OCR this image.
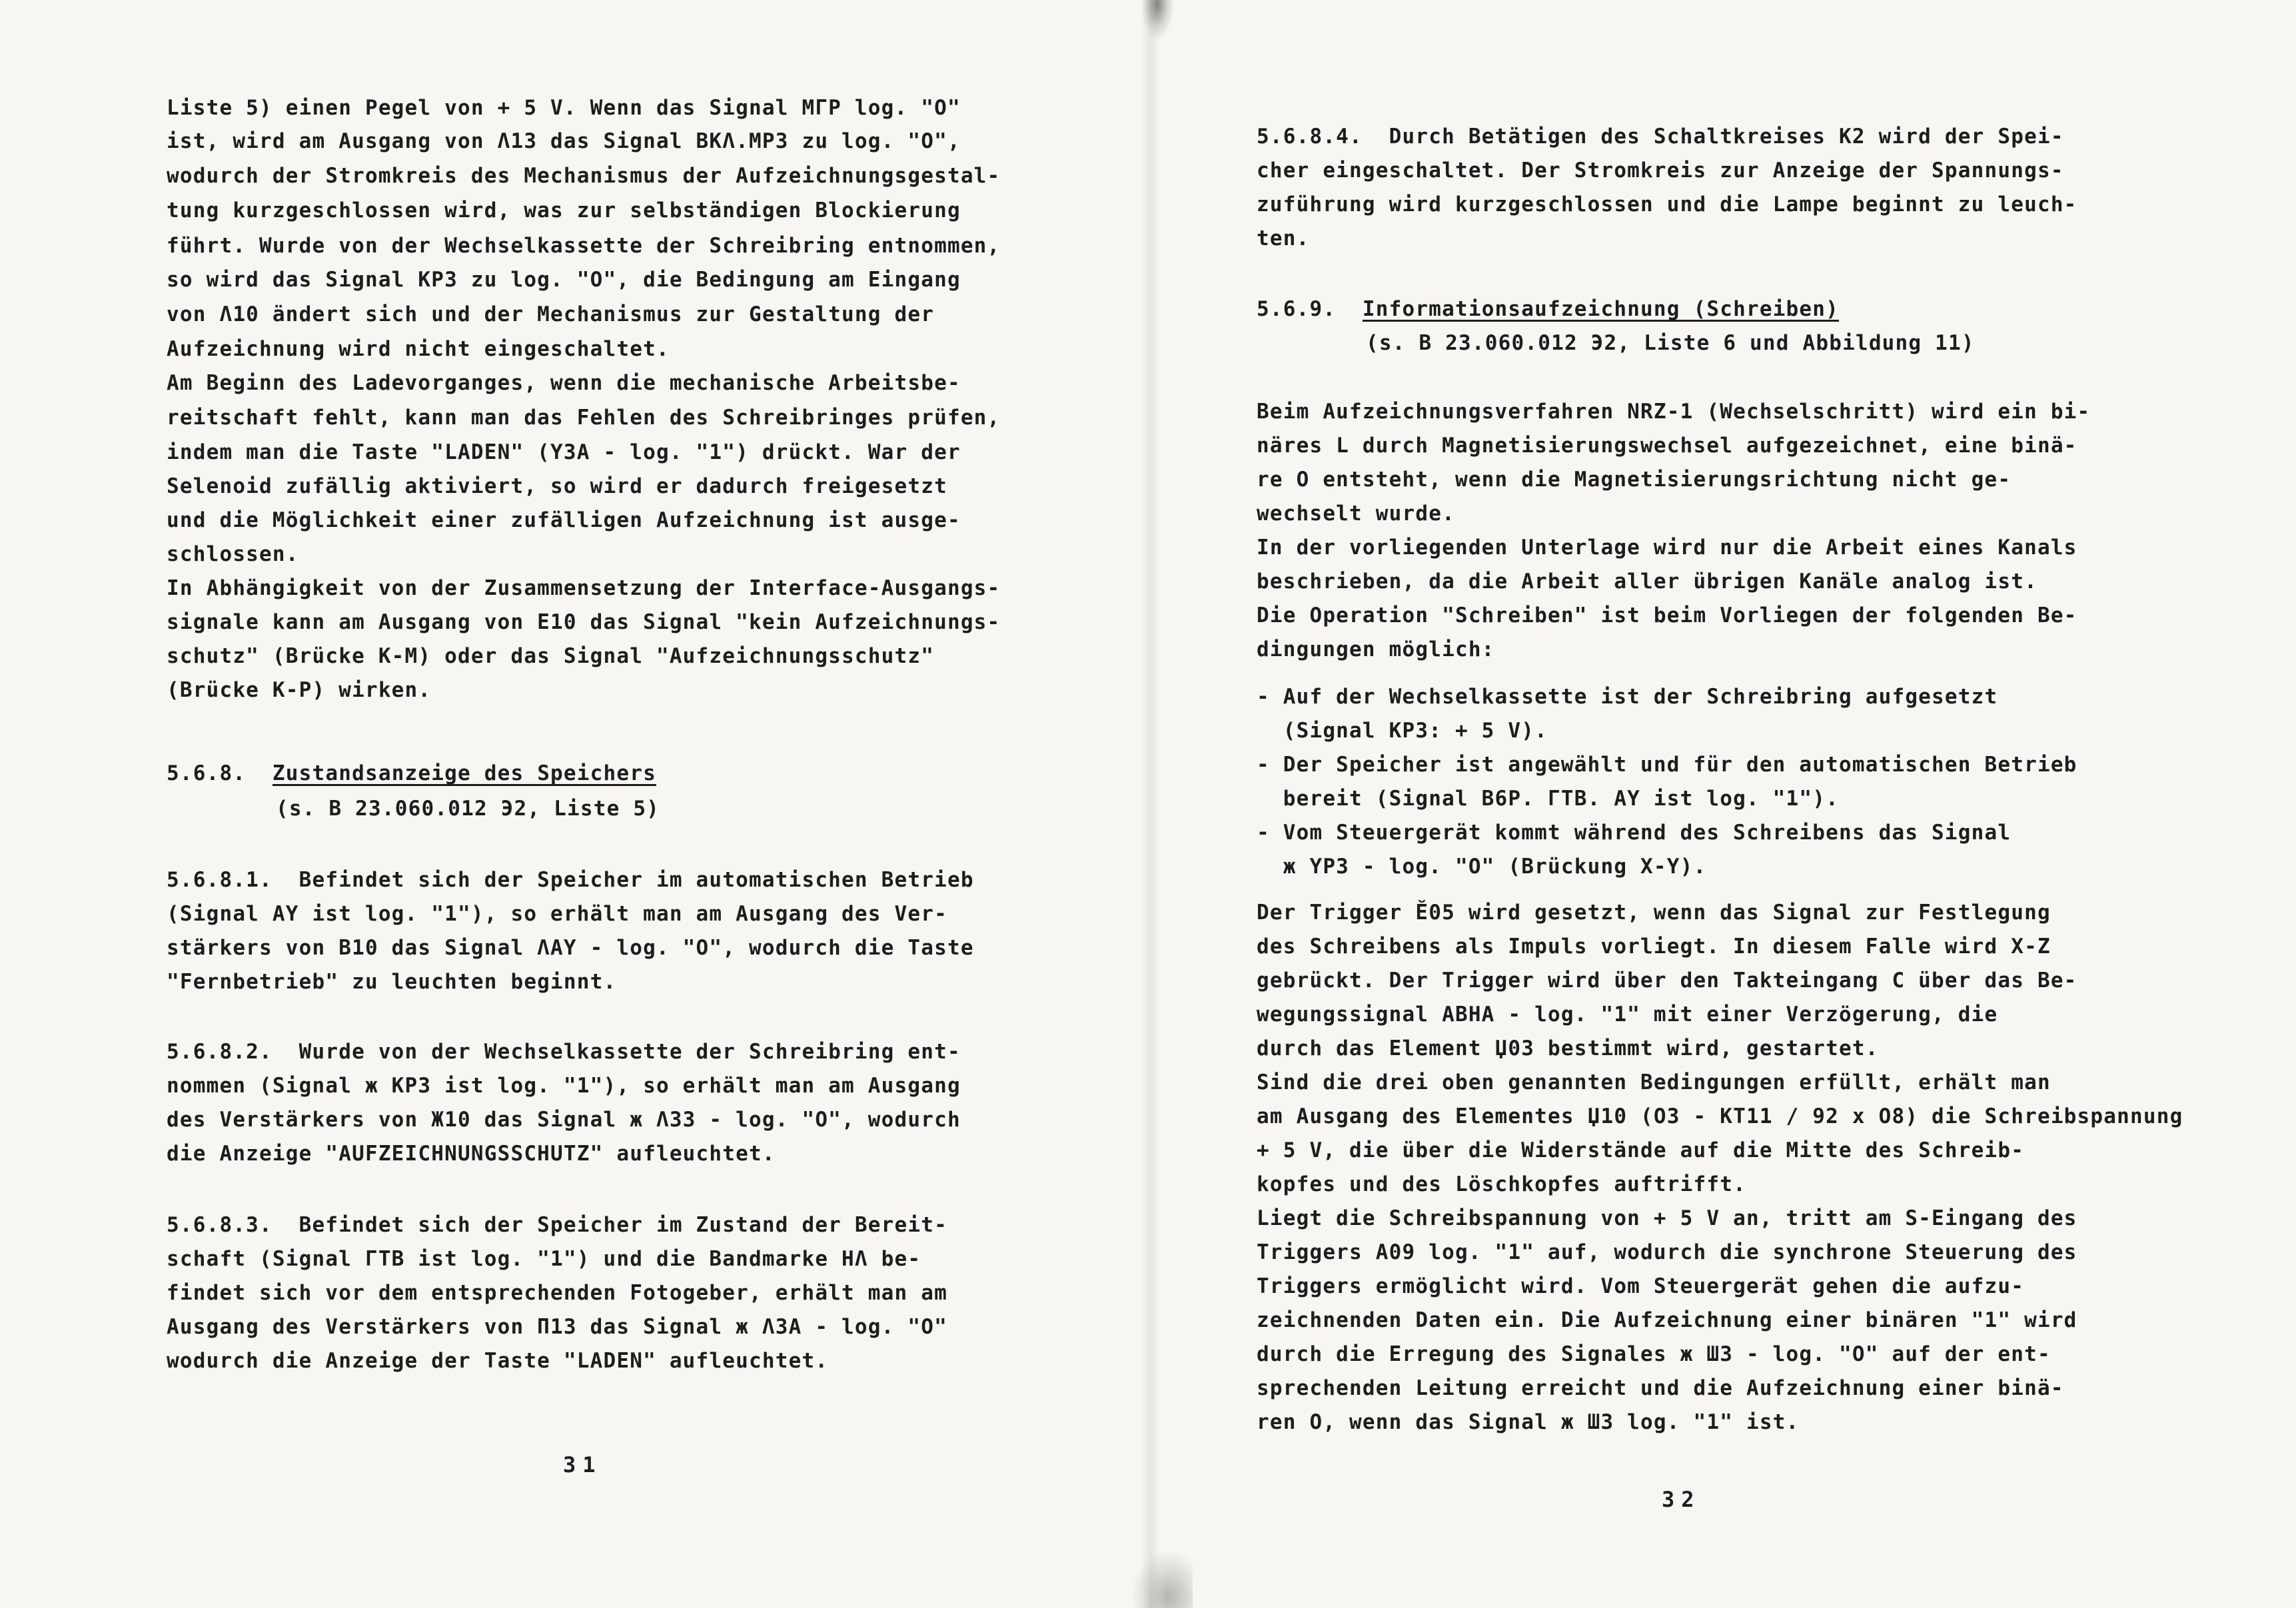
Liste 5) einen Pegel von + 5 V. Wenn das Signal MΓP log. "O"
ist, wird am Ausgang von Λ13 das Signal BKΛ.MP3 zu log. "O",
wodurch der Stromkreis des Mechanismus der Aufzeichnungsgestal-
tung kurzgeschlossen wird, was zur selbständigen Blockierung
führt. Wurde von der Wechselkassette der Schreibring entnommen,
so wird das Signal KP3 zu log. "O", die Bedingung am Eingang
von Λ10 ändert sich und der Mechanismus zur Gestaltung der
Aufzeichnung wird nicht eingeschaltet.
Am Beginn des Ladevorganges, wenn die mechanische Arbeitsbe-
reitschaft fehlt, kann man das Fehlen des Schreibringes prüfen,
indem man die Taste "LADEN" (Y3A - log. "1") drückt. War der
Selenoid zufällig aktiviert, so wird er dadurch freigesetzt
und die Möglichkeit einer zufälligen Aufzeichnung ist ausge-
schlossen.
In Abhängigkeit von der Zusammensetzung der Interface-Ausgangs-
signale kann am Ausgang von E10 das Signal "kein Aufzeichnungs-
schutz" (Brücke K-M) oder das Signal "Aufzeichnungsschutz"
(Brücke K-P) wirken.
5.6.8. Zustandsanzeige des Speichers
(s. B 23.060.012 Э2, Liste 5)
5.6.8.1.  Befindet sich der Speicher im automatischen Betrieb
(Signal AY ist log. "1"), so erhält man am Ausgang des Ver-
stärkers von B10 das Signal ΛAY - log. "O", wodurch die Taste
"Fernbetrieb" zu leuchten beginnt.
5.6.8.2.  Wurde von der Wechselkassette der Schreibring ent-
nommen (Signal ж KP3 ist log. "1"), so erhält man am Ausgang
des Verstärkers von Ж10 das Signal ж Λ33 - log. "O", wodurch
die Anzeige "AUFZEICHNUNGSSCHUTZ" aufleuchtet.
5.6.8.3.  Befindet sich der Speicher im Zustand der Bereit-
schaft (Signal ΓTB ist log. "1") und die Bandmarke HΛ be-
findet sich vor dem entsprechenden Fotogeber, erhält man am
Ausgang des Verstärkers von Π13 das Signal ж Λ3A - log. "O"
wodurch die Anzeige der Taste "LADEN" aufleuchtet.
31
5.6.8.4.  Durch Betätigen des Schaltkreises K2 wird der Spei-
cher eingeschaltet. Der Stromkreis zur Anzeige der Spannungs-
zuführung wird kurzgeschlossen und die Lampe beginnt zu leuch-
ten.
5.6.9. Informationsaufzeichnung (Schreiben)
(s. B 23.060.012 Э2, Liste 6 und Abbildung 11)
Beim Aufzeichnungsverfahren NRZ-1 (Wechselschritt) wird ein bi-
näres L durch Magnetisierungswechsel aufgezeichnet, eine binä-
re O entsteht, wenn die Magnetisierungsrichtung nicht ge-
wechselt wurde.
In der vorliegenden Unterlage wird nur die Arbeit eines Kanals
beschrieben, da die Arbeit aller übrigen Kanäle analog ist.
Die Operation "Schreiben" ist beim Vorliegen der folgenden Be-
dingungen möglich:
- Auf der Wechselkassette ist der Schreibring aufgesetzt
(Signal KP3: + 5 V).
- Der Speicher ist angewählt und für den automatischen Betrieb
bereit (Signal B6P. ΓTB. AY ist log. "1").
- Vom Steuergerät kommt während des Schreibens das Signal
ж YP3 - log. "O" (Brückung X-Y).
Der Trigger Ӗ05 wird gesetzt, wenn das Signal zur Festlegung
des Schreibens als Impuls vorliegt. In diesem Falle wird X-Z
gebrückt. Der Trigger wird über den Takteingang C über das Be-
wegungssignal ABHA - log. "1" mit einer Verzögerung, die
durch das Element Џ03 bestimmt wird, gestartet.
Sind die drei oben genannten Bedingungen erfüllt, erhält man
am Ausgang des Elementes Џ10 (O3 - KT11 / 92 x O8) die Schreibspannung
+ 5 V, die über die Widerstände auf die Mitte des Schreib-
kopfes und des Löschkopfes auftrifft.
Liegt die Schreibspannung von + 5 V an, tritt am S-Eingang des
Triggers A09 log. "1" auf, wodurch die synchrone Steuerung des
Triggers ermöglicht wird. Vom Steuergerät gehen die aufzu-
zeichnenden Daten ein. Die Aufzeichnung einer binären "1" wird
durch die Erregung des Signales ж Ш3 - log. "O" auf der ent-
sprechenden Leitung erreicht und die Aufzeichnung einer binä-
ren O, wenn das Signal ж Ш3 log. "1" ist.
32
